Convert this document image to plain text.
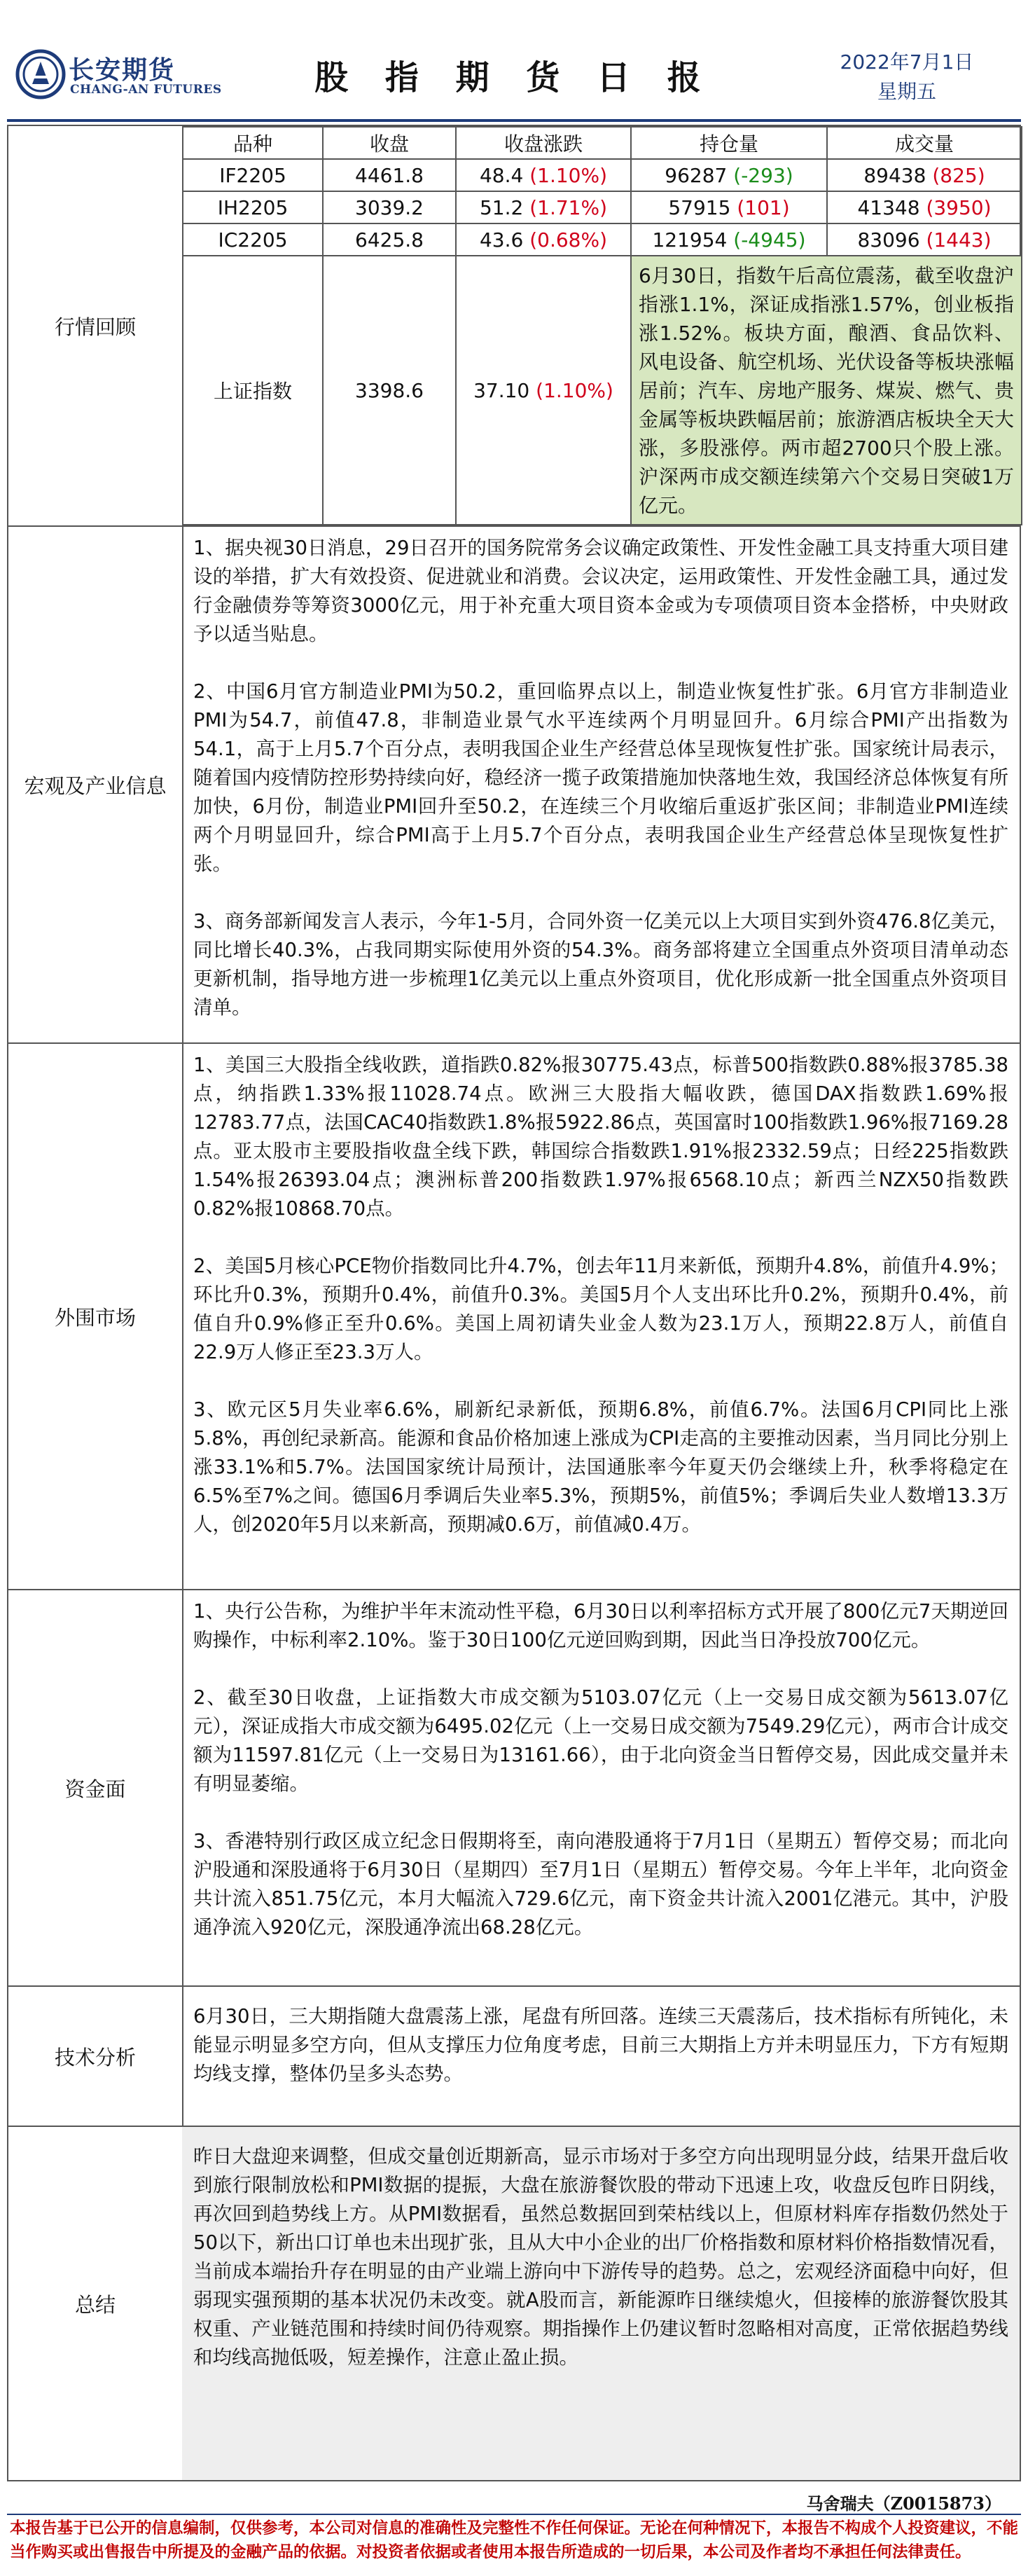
长安期货
CHANG-AN FUTURES	股 指 期 货 日 报	2022年7月1日
星期五
行情回顾
品种	收盘	收盘涨跌	持仓量	成交量
IF2205	4461.8	48.4 (1.10%)	96287 (-293)	89438 (825)
IH2205	3039.2	51.2 (1.71%)	57915 (101)	41348 (3950)
IC2205	6425.8	43.6 (0.68%)	121954 (-4945)	83096 (1443)
上证指数	3398.6	37.10 (1.10%)	6月30日，指数午后高位震荡，截至收盘沪指涨1.1%，深证成指涨1.57%，创业板指涨1.52%。板块方面，酿酒、食品饮料、风电设备、航空机场、光伏设备等板块涨幅居前；汽车、房地产服务、煤炭、燃气、贵金属等板块跌幅居前；旅游酒店板块全天大涨，多股涨停。两市超2700只个股上涨。沪深两市成交额连续第六个交易日突破1万亿元。	
宏观及产业信息

1、据央视30日消息，29日召开的国务院常务会议确定政策性、开发性金融工具支持重大项目建设的举措，扩大有效投资、促进就业和消费。会议决定，运用政策性、开发性金融工具，通过发行金融债券等筹资3000亿元，用于补充重大项目资本金或为专项债项目资本金搭桥，中央财政予以适当贴息。

2、中国6月官方制造业PMI为50.2，重回临界点以上，制造业恢复性扩张。6月官方非制造业PMI为54.7，前值47.8，非制造业景气水平连续两个月明显回升。6月综合PMI产出指数为54.1，高于上月5.7个百分点，表明我国企业生产经营总体呈现恢复性扩张。国家统计局表示，随着国内疫情防控形势持续向好，稳经济一揽子政策措施加快落地生效，我国经济总体恢复有所加快，6月份，制造业PMI回升至50.2，在连续三个月收缩后重返扩张区间；非制造业PMI连续两个月明显回升，综合PMI高于上月5.7个百分点，表明我国企业生产经营总体呈现恢复性扩张。

3、商务部新闻发言人表示，今年1-5月，合同外资一亿美元以上大项目实到外资476.8亿美元，同比增长40.3%，占我同期实际使用外资的54.3%。商务部将建立全国重点外资项目清单动态更新机制，指导地方进一步梳理1亿美元以上重点外资项目，优化形成新一批全国重点外资项目清单。

外围市场

1、美国三大股指全线收跌，道指跌0.82%报30775.43点，标普500指数跌0.88%报3785.38点，纳指跌1.33%报11028.74点。欧洲三大股指大幅收跌，德国DAX指数跌1.69%报12783.77点，法国CAC40指数跌1.8%报5922.86点，英国富时100指数跌1.96%报7169.28点。亚太股市主要股指收盘全线下跌，韩国综合指数跌1.91%报2332.59点；日经225指数跌1.54%报26393.04点；澳洲标普200指数跌1.97%报6568.10点；新西兰NZX50指数跌0.82%报10868.70点。

2、美国5月核心PCE物价指数同比升4.7%，创去年11月来新低，预期升4.8%，前值升4.9%；环比升0.3%，预期升0.4%，前值升0.3%。美国5月个人支出环比升0.2%，预期升0.4%，前值自升0.9%修正至升0.6%。美国上周初请失业金人数为23.1万人，预期22.8万人，前值自22.9万人修正至23.3万人。

3、欧元区5月失业率6.6%，刷新纪录新低，预期6.8%，前值6.7%。法国6月CPI同比上涨5.8%，再创纪录新高。能源和食品价格加速上涨成为CPI走高的主要推动因素，当月同比分别上涨33.1%和5.7%。法国国家统计局预计，法国通胀率今年夏天仍会继续上升，秋季将稳定在6.5%至7%之间。德国6月季调后失业率5.3%，预期5%，前值5%；季调后失业人数增13.3万人，创2020年5月以来新高，预期减0.6万，前值减0.4万。

资金面

1、央行公告称，为维护半年末流动性平稳，6月30日以利率招标方式开展了800亿元7天期逆回购操作，中标利率2.10%。鉴于30日100亿元逆回购到期，因此当日净投放700亿元。

2、截至30日收盘，上证指数大市成交额为5103.07亿元（上一交易日成交额为5613.07亿元），深证成指大市成交额为6495.02亿元（上一交易日成交额为7549.29亿元），两市合计成交额为11597.81亿元（上一交易日为13161.66），由于北向资金当日暂停交易，因此成交量并未有明显萎缩。

3、香港特别行政区成立纪念日假期将至，南向港股通将于7月1日（星期五）暂停交易；而北向沪股通和深股通将于6月30日（星期四）至7月1日（星期五）暂停交易。今年上半年，北向资金共计流入851.75亿元，本月大幅流入729.6亿元，南下资金共计流入2001亿港元。其中，沪股通净流入920亿元，深股通净流出68.28亿元。

技术分析

6月30日，三大期指随大盘震荡上涨，尾盘有所回落。连续三天震荡后，技术指标有所钝化，未能显示明显多空方向，但从支撑压力位角度考虑，目前三大期指上方并未明显压力，下方有短期均线支撑，整体仍呈多头态势。

总结

昨日大盘迎来调整，但成交量创近期新高，显示市场对于多空方向出现明显分歧，结果开盘后收到旅行限制放松和PMI数据的提振，大盘在旅游餐饮股的带动下迅速上攻，收盘反包昨日阴线，再次回到趋势线上方。从PMI数据看，虽然总数据回到荣枯线以上，但原材料库存指数仍然处于50以下，新出口订单也未出现扩张，且从大中小企业的出厂价格指数和原材料价格指数情况看，当前成本端抬升存在明显的由产业端上游向中下游传导的趋势。总之，宏观经济面稳中向好，但弱现实强预期的基本状况仍未改变。就A股而言，新能源昨日继续熄火，但接棒的旅游餐饮股其权重、产业链范围和持续时间仍待观察。期指操作上仍建议暂时忽略相对高度，正常依据趋势线和均线高抛低吸，短差操作，注意止盈止损。

马舍瑞夫（Z0015873）
本报告基于已公开的信息编制，仅供参考，本公司对信息的准确性及完整性不作任何保证。无论在何种情况下，本报告不构成个人投资建议，不能当作购买或出售报告中所提及的金融产品的依据。对投资者依据或者使用本报告所造成的一切后果，本公司及作者均不承担任何法律责任。
